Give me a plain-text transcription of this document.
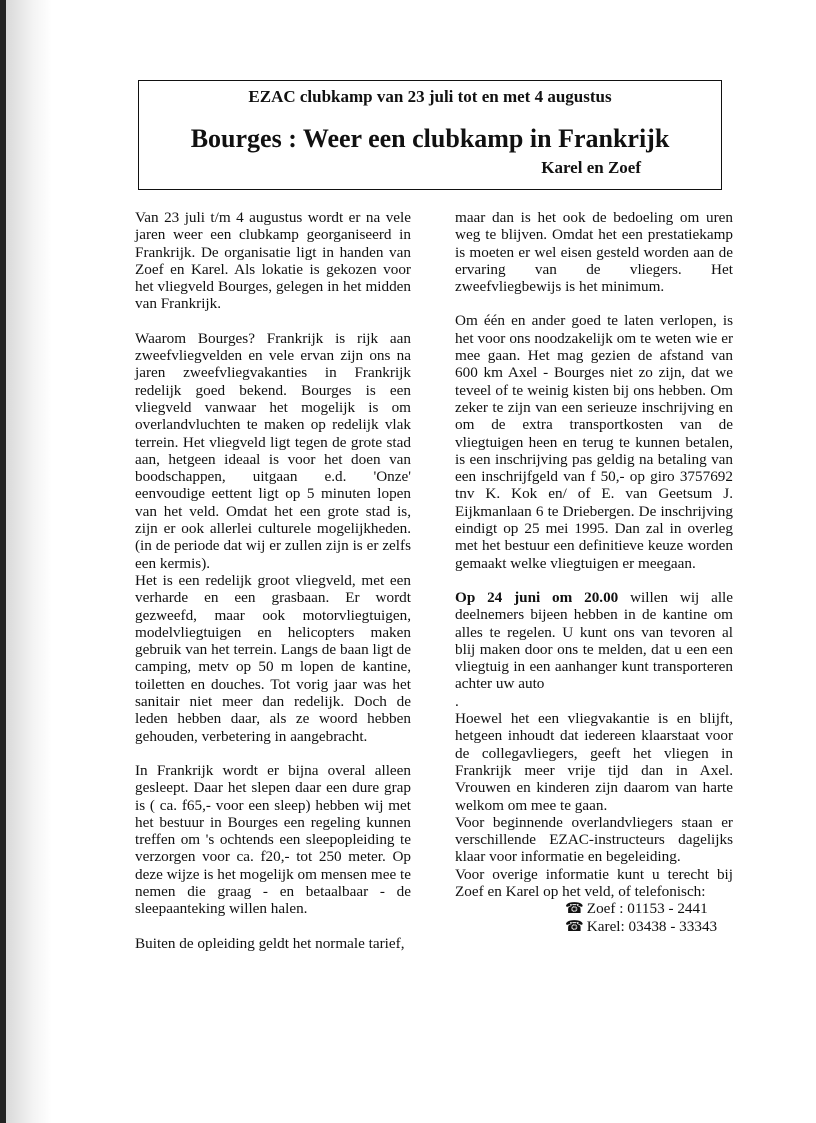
EZAC clubkamp van 23 juli tot en met 4 augustus
Bourges : Weer een clubkamp in Frankrijk
Karel en Zoef

Van 23 juli t/m 4 augustus wordt er na vele jaren weer een clubkamp georganiseerd in Frankrijk. De organisatie ligt in handen van Zoef en Karel. Als lokatie is gekozen voor het vliegveld Bourges, gelegen in het midden van Frankrijk.

Waarom Bourges? Frankrijk is rijk aan zweefvliegvelden en vele ervan zijn ons na jaren zweefvliegvakanties in Frankrijk redelijk goed bekend. Bourges is een vliegveld vanwaar het mogelijk is om overlandvluchten te maken op redelijk vlak terrein. Het vliegveld ligt tegen de grote stad aan, hetgeen ideaal is voor het doen van boodschappen, uitgaan e.d. 'Onze' eenvoudige eettent ligt op 5 minuten lopen van het veld. Omdat het een grote stad is, zijn er ook allerlei culturele mogelijkheden. (in de periode dat wij er zullen zijn is er zelfs een kermis).

Het is een redelijk groot vliegveld, met een verharde en een grasbaan. Er wordt gezweefd, maar ook motorvliegtuigen, modelvliegtuigen en helicopters maken gebruik van het terrein. Langs de baan ligt de camping, metv op 50 m lopen de kantine, toiletten en douches. Tot vorig jaar was het sanitair niet meer dan redelijk. Doch de leden hebben daar, als ze woord hebben gehouden, verbetering in aangebracht.

In Frankrijk wordt er bijna overal alleen gesleept. Daar het slepen daar een dure grap is ( ca. f65,- voor een sleep) hebben wij met het bestuur in Bourges een regeling kunnen treffen om 's ochtends een sleepopleiding te verzorgen voor ca. f20,- tot 250 meter. Op deze wijze is het mogelijk om mensen mee te nemen die graag - en betaalbaar - de sleepaanteking willen halen.

Buiten de opleiding geldt het normale tarief,

maar dan is het ook de bedoeling om uren weg te blijven. Omdat het een prestatiekamp is moeten er wel eisen gesteld worden aan de ervaring van de vliegers. Het zweefvliegbewijs is het minimum.

Om één en ander goed te laten verlopen, is het voor ons noodzakelijk om te weten wie er mee gaan. Het mag gezien de afstand van 600 km Axel - Bourges niet zo zijn, dat we teveel of te weinig kisten bij ons hebben. Om zeker te zijn van een serieuze inschrijving en om de extra transportkosten van de vliegtuigen heen en terug te kunnen betalen, is een inschrijving pas geldig na betaling van een inschrijfgeld van f 50,- op giro 3757692 tnv K. Kok en/ of E. van Geetsum J. Eijkmanlaan 6 te Driebergen. De inschrijving eindigt op 25 mei 1995. Dan zal in overleg met het bestuur een definitieve keuze worden gemaakt welke vliegtuigen er meegaan.

Op 24 juni om 20.00 willen wij alle deelnemers bijeen hebben in de kantine om alles te regelen. U kunt ons van tevoren al blij maken door ons te melden, dat u een een vliegtuig in een aanhanger kunt transporteren achter uw auto
.

Hoewel het een vliegvakantie is en blijft, hetgeen inhoudt dat iedereen klaarstaat voor de collegavliegers, geeft het vliegen in Frankrijk meer vrije tijd dan in Axel. Vrouwen en kinderen zijn daarom van harte welkom om mee te gaan.

Voor beginnende overlandvliegers staan er verschillende EZAC-instructeurs dagelijks klaar voor informatie en begeleiding.

Voor overige informatie kunt u terecht bij Zoef en Karel op het veld, of telefonisch:

☎ Zoef : 01153 - 2441

☎ Karel: 03438 - 33343
